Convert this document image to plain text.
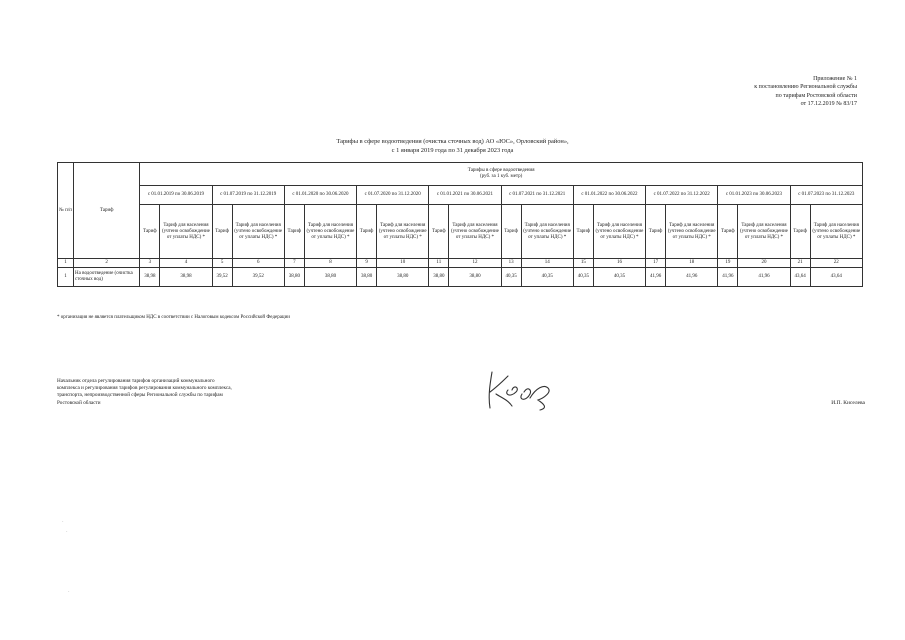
Приложение № 1
к постановлению Региональной службы
по тарифам Ростовской области
от 17.12.2019 № 83/17
Тарифы в сфере водоотведения (очистка сточных вод) АО «ЮС», Орловский район»,
с 1 января 2019 года по 31 декабря 2023 года
№ п/п	Тариф	Тарифы в сфере водоотведения
(руб. за 1 куб. метр)																			

		с 01.01.2019 по 30.06.2019		с 01.07.2019 по 31.12.2019		с 01.01.2020 по 30.06.2020		с 01.07.2020 по 31.12.2020		с 01.01.2021 по 30.06.2021		с 01.07.2021 по 31.12.2021		с 01.01.2022 по 30.06.2022		с 01.07.2022 по 31.12.2022		с 01.01.2023 по 30.06.2023		с 01.07.2023 по 31.12.2023	
		Тариф	Тариф для населения (учтено освобождение от уплаты НДС) *	Тариф	Тариф для населения (учтено освобождение от уплаты НДС) *	Тариф	Тариф для населения (учтено освобождение от уплаты НДС) *	Тариф	Тариф для населения (учтено освобождение от уплаты НДС) *	Тариф	Тариф для населения (учтено освобождение от уплаты НДС) *	Тариф	Тариф для населения (учтено освобождение от уплаты НДС) *	Тариф	Тариф для населения (учтено освобождение от уплаты НДС) *	Тариф	Тариф для населения (учтено освобождение от уплаты НДС) *	Тариф	Тариф для населения (учтено освобождение от уплаты НДС) *	Тариф	Тариф для населения (учтено освобождение от уплаты НДС) *
1	2	3	4	5	6	7	8	9	10	11	12	13	14	15	16	17	18	19	20	21	22
1	На водоотведение (очистка сточных вод)	38,98	38,98	39,52	39,52	38,80	38,80	38,80	38,80	38,80	38,80	40,35	40,35	40,35	40,35	41,96	41,96	41,96	41,96	43,64	43,64
* организация не является плательщиком НДС в соответствии с Налоговым кодексом Российской Федерации
Начальник отдела регулирования тарифов организаций коммунального
комплекса и регулирования тарифов регулирования коммунального комплекса,
транспорта, непроизводственной сферы Региональной службы по тарифам
Ростовской области	И.П. Киселева
·
·
·
